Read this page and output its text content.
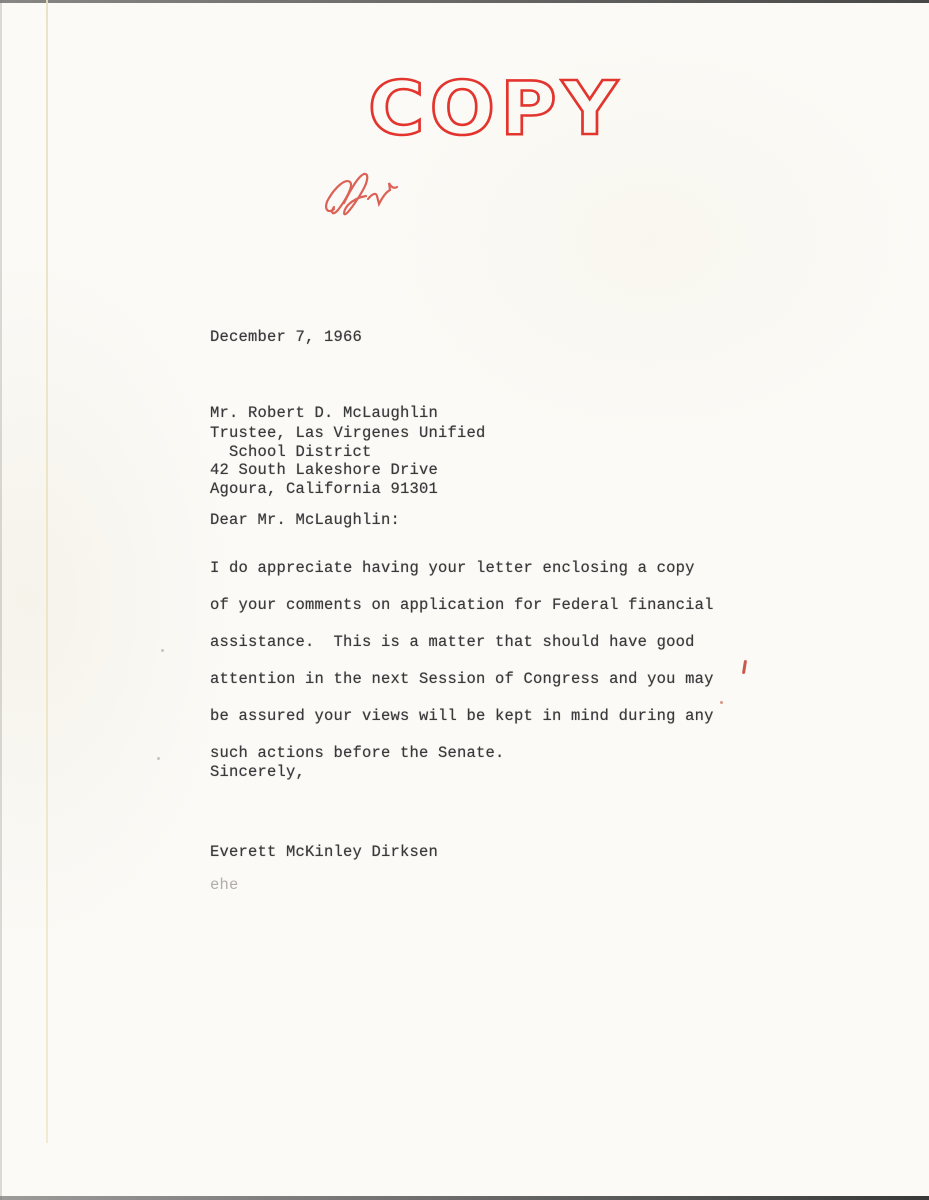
COPY
December 7, 1966
Mr. Robert D. McLaughlin
Trustee, Las Virgenes Unified
School District
42 South Lakeshore Drive
Agoura, California 91301
Dear Mr. McLaughlin:
I do appreciate having your letter enclosing a copy
of your comments on application for Federal financial
assistance.  This is a matter that should have good
attention in the next Session of Congress and you may
be assured your views will be kept in mind during any
such actions before the Senate.
Sincerely,
Everett McKinley Dirksen
ehe
